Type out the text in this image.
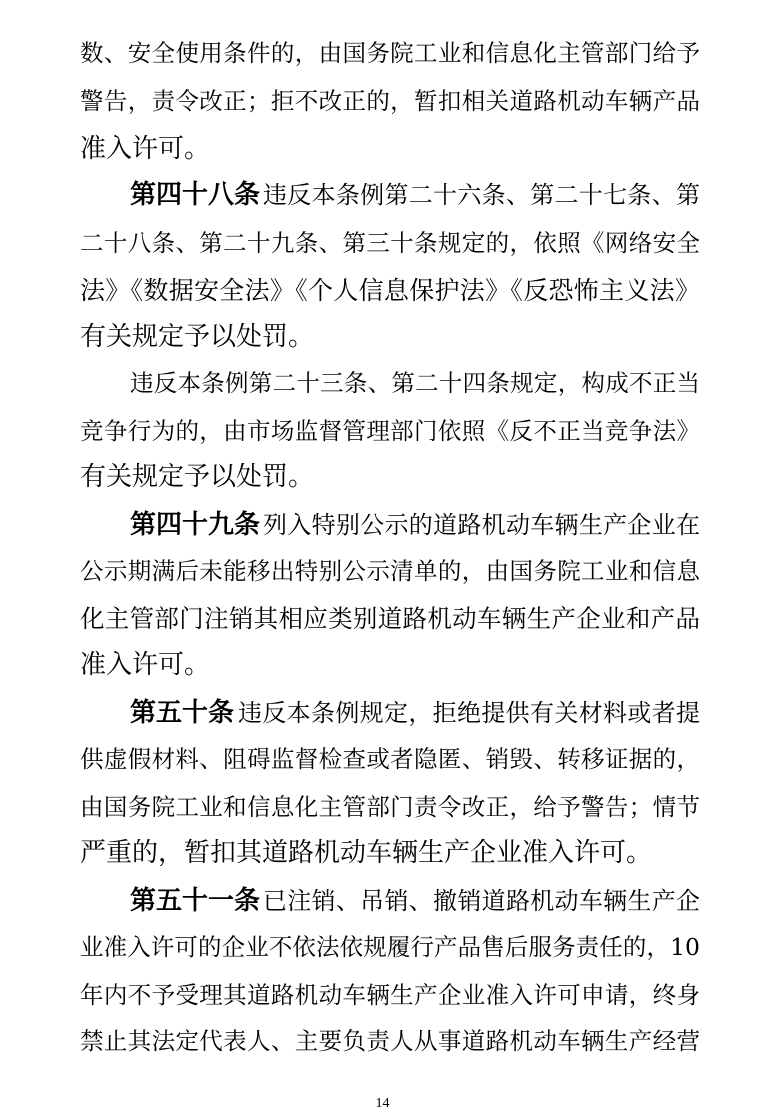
数、安全使用条件的，由国务院工业和信息化主管部门给予
警告，责令改正；拒不改正的，暂扣相关道路机动车辆产品
准入许可。
第四十八条 违反本条例第二十六条、第二十七条、第
二十八条、第二十九条、第三十条规定的，依照《网络安全
法》《数据安全法》《个人信息保护法》《反恐怖主义法》
有关规定予以处罚。
违反本条例第二十三条、第二十四条规定，构成不正当
竞争行为的，由市场监督管理部门依照《反不正当竞争法》
有关规定予以处罚。
第四十九条 列入特别公示的道路机动车辆生产企业在
公示期满后未能移出特别公示清单的，由国务院工业和信息
化主管部门注销其相应类别道路机动车辆生产企业和产品
准入许可。
第五十条 违反本条例规定，拒绝提供有关材料或者提
供虚假材料、阻碍监督检查或者隐匿、销毁、转移证据的，
由国务院工业和信息化主管部门责令改正，给予警告；情节
严重的，暂扣其道路机动车辆生产企业准入许可。
第五十一条 已注销、吊销、撤销道路机动车辆生产企
业准入许可的企业不依法依规履行产品售后服务责任的，10
年内不予受理其道路机动车辆生产企业准入许可申请，终身
禁止其法定代表人、主要负责人从事道路机动车辆生产经营
14
